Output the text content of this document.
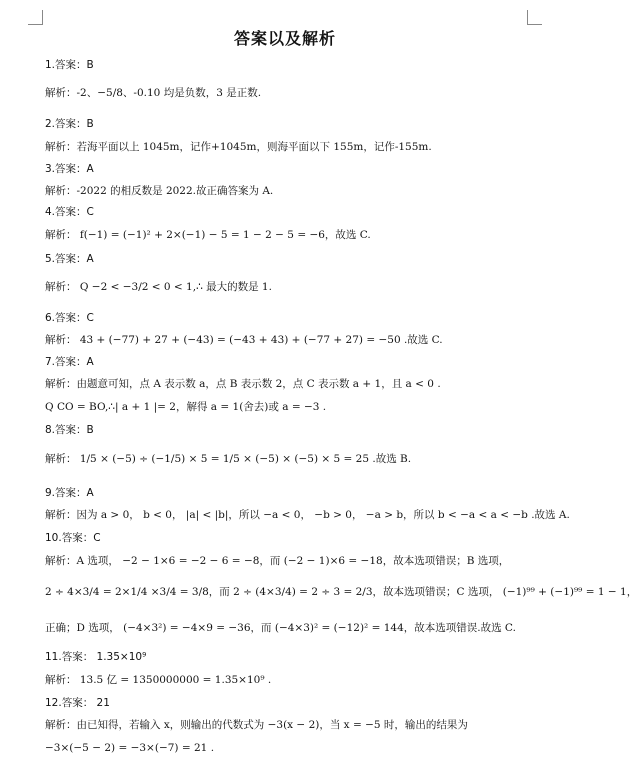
答案以及解析
1.答案：B
解析：-2、−5/8、-0.10 均是负数，3 是正数.
2.答案：B
解析：若海平面以上 1045m，记作+1045m，则海平面以下 155m，记作-155m.
3.答案：A
解析：-2022 的相反数是 2022.故正确答案为 A.
4.答案：C
解析： f(−1) = (−1)² + 2×(−1) − 5 = 1 − 2 − 5 = −6，故选 C.
5.答案：A
解析： Q −2 < −3/2 < 0 < 1,∴ 最大的数是 1.
6.答案：C
解析： 43 + (−77) + 27 + (−43) = (−43 + 43) + (−77 + 27) = −50 .故选 C.
7.答案：A
解析：由题意可知，点 A 表示数 a，点 B 表示数 2，点 C 表示数 a + 1，且 a < 0 .
Q CO = BO,∴| a + 1 |= 2，解得 a = 1(舍去)或 a = −3 .
8.答案：B
解析： 1/5 × (−5) ÷ (−1/5) × 5 = 1/5 × (−5) × (−5) × 5 = 25 .故选 B.
9.答案：A
解析：因为 a > 0， b < 0， |a| < |b|，所以 −a < 0， −b > 0， −a > b，所以 b < −a < a < −b .故选 A.
10.答案：C
解析：A 选项， −2 − 1×6 = −2 − 6 = −8，而 (−2 − 1)×6 = −18，故本选项错误；B 选项，
2 ÷ 4×3/4 = 2×1/4 ×3/4 = 3/8，而 2 ÷ (4×3/4) = 2 ÷ 3 = 2/3，故本选项错误；C 选项， (−1)⁹⁹ + (−1)⁹⁹ = 1 − 1，
正确；D 选项， (−4×3²) = −4×9 = −36，而 (−4×3)² = (−12)² = 144，故本选项错误.故选 C.
11.答案： 1.35×10⁹
解析： 13.5 亿 = 1350000000 = 1.35×10⁹ .
12.答案： 21
解析：由已知得，若输入 x，则输出的代数式为 −3(x − 2)，当 x = −5 时，输出的结果为
−3×(−5 − 2) = −3×(−7) = 21 .
